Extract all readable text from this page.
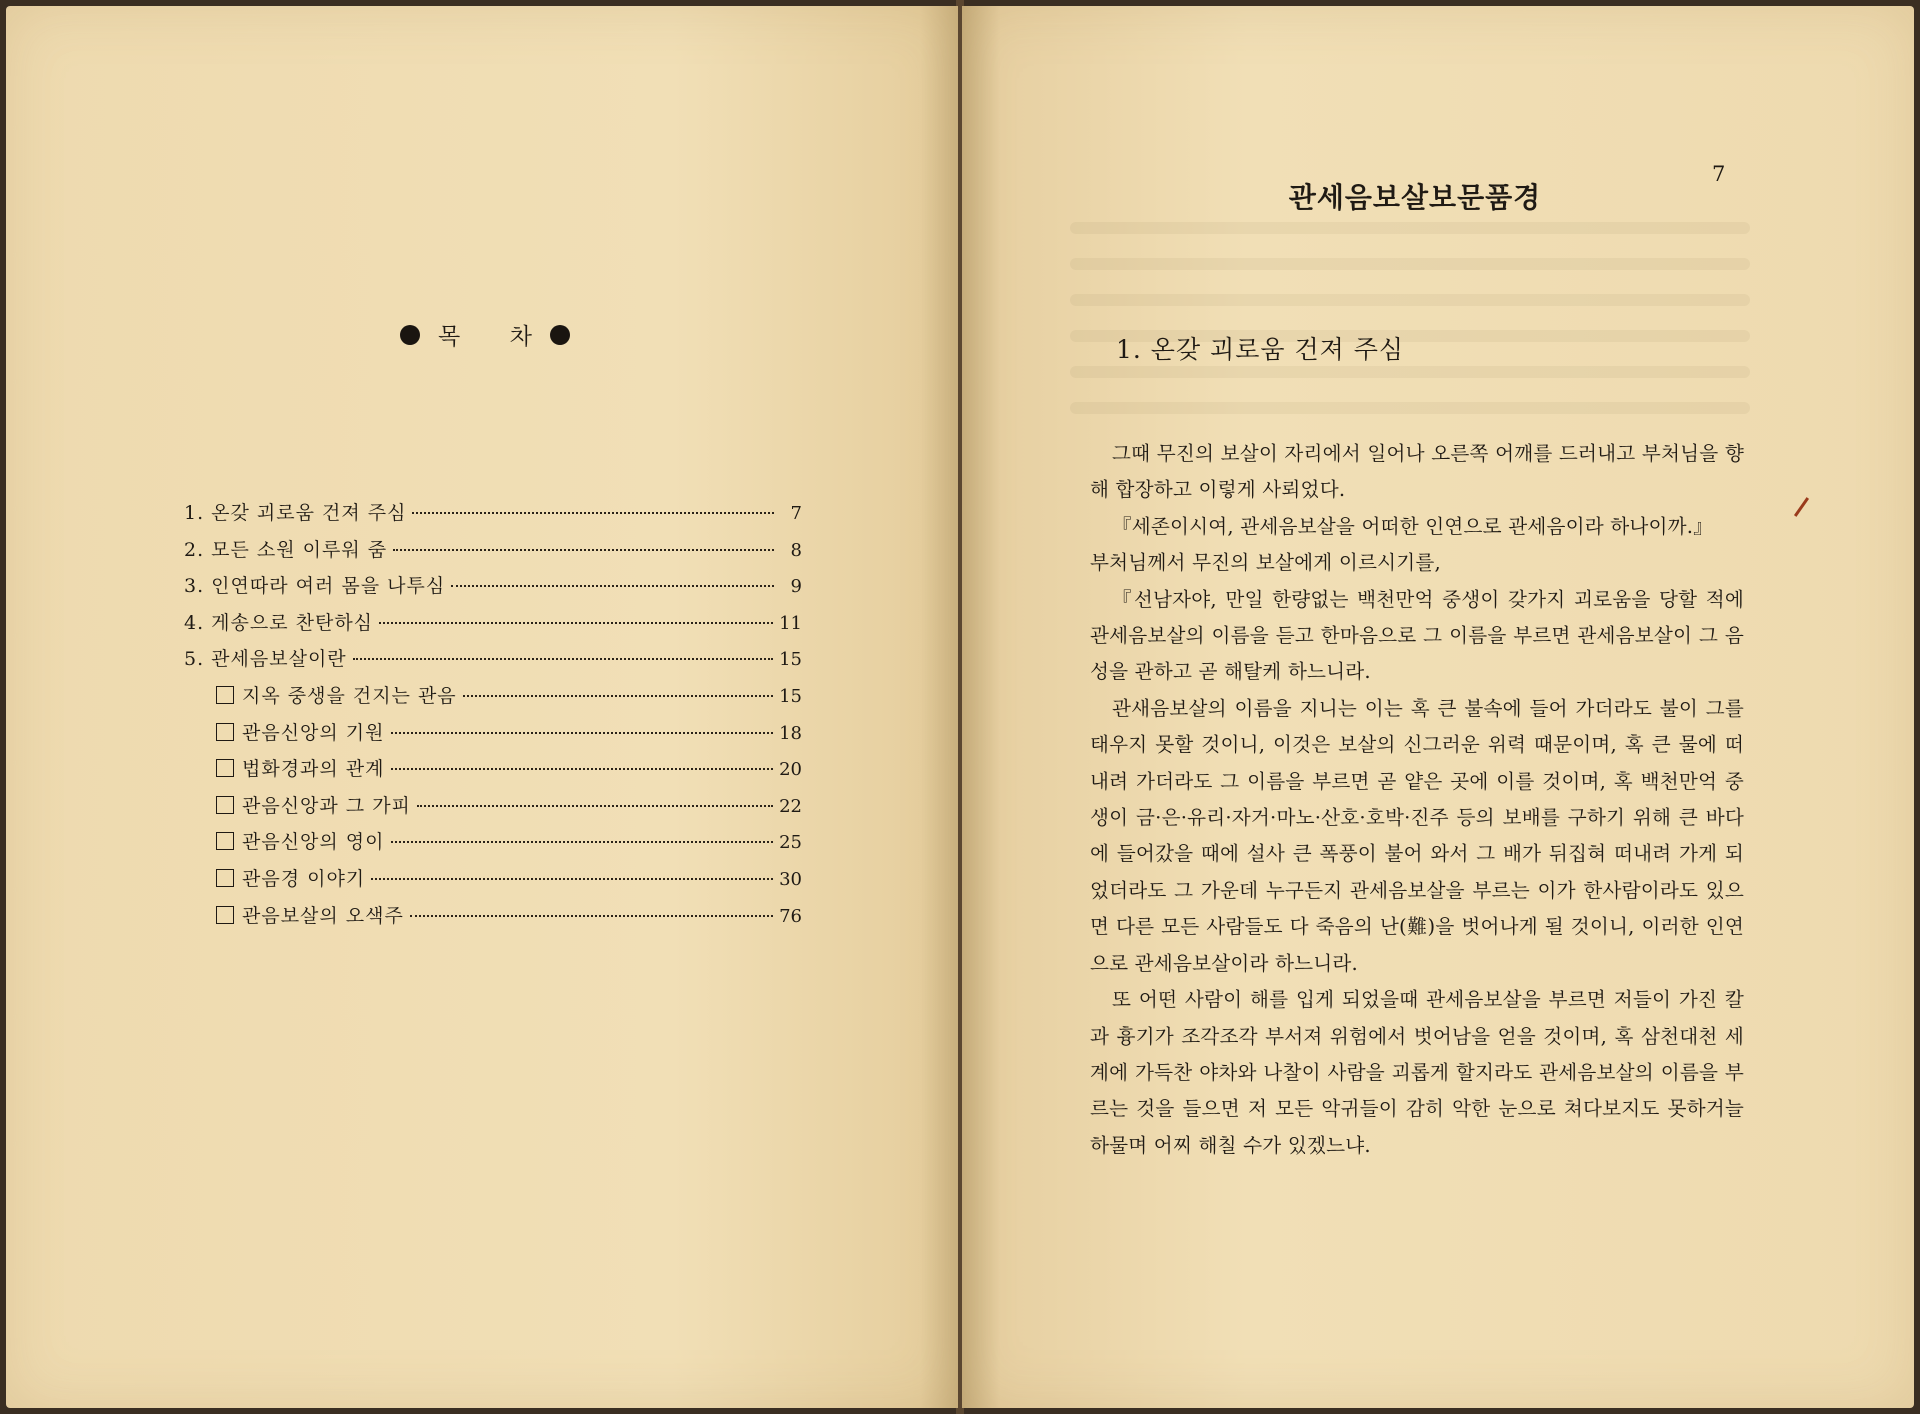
목 차
1. 온갖 괴로움 건져 주심	7
2. 모든 소원 이루워 줌	8
3. 인연따라 여러 몸을 나투심	9
4. 게송으로 찬탄하심	11
5. 관세음보살이란	15
지옥 중생을 건지는 관음	15
관음신앙의 기원	18
법화경과의 관계	20
관음신앙과 그 가피	22
관음신앙의 영이	25
관음경 이야기	30
관음보살의 오색주	76
7
관세음보살보문품경
1. 온갖 괴로움 건져 주심

그때 무진의 보살이 자리에서 일어나 오른쪽 어깨를 드러내고 부처님을 향해 합장하고 이렇게 사뢰었다.

『세존이시여, 관세음보살을 어떠한 인연으로 관세음이라 하나이까.』

부처님께서 무진의 보살에게 이르시기를,

『선남자야, 만일 한량없는 백천만억 중생이 갖가지 괴로움을 당할 적에 관세음보살의 이름을 듣고 한마음으로 그 이름을 부르면 관세음보살이 그 음성을 관하고 곧 해탈케 하느니라.

관새음보살의 이름을 지니는 이는 혹 큰 불속에 들어 가더라도 불이 그를 태우지 못할 것이니, 이것은 보살의 신그러운 위력 때문이며, 혹 큰 물에 떠 내려 가더라도 그 이름을 부르면 곧 얕은 곳에 이를 것이며, 혹 백천만억 중생이 금·은·유리·자거·마노·산호·호박·진주 등의 보배를 구하기 위해 큰 바다에 들어갔을 때에 설사 큰 폭풍이 불어 와서 그 배가 뒤집혀 떠내려 가게 되었더라도 그 가운데 누구든지 관세음보살을 부르는 이가 한사람이라도 있으면 다른 모든 사람들도 다 죽음의 난(難)을 벗어나게 될 것이니, 이러한 인연으로 관세음보살이라 하느니라.

또 어떤 사람이 해를 입게 되었을때 관세음보살을 부르면 저들이 가진 칼과 흉기가 조각조각 부서져 위험에서 벗어남을 얻을 것이며, 혹 삼천대천 세계에 가득찬 야차와 나찰이 사람을 괴롭게 할지라도 관세음보살의 이름을 부르는 것을 들으면 저 모든 악귀들이 감히 악한 눈으로 쳐다보지도 못하거늘 하물며 어찌 해칠 수가 있겠느냐.
